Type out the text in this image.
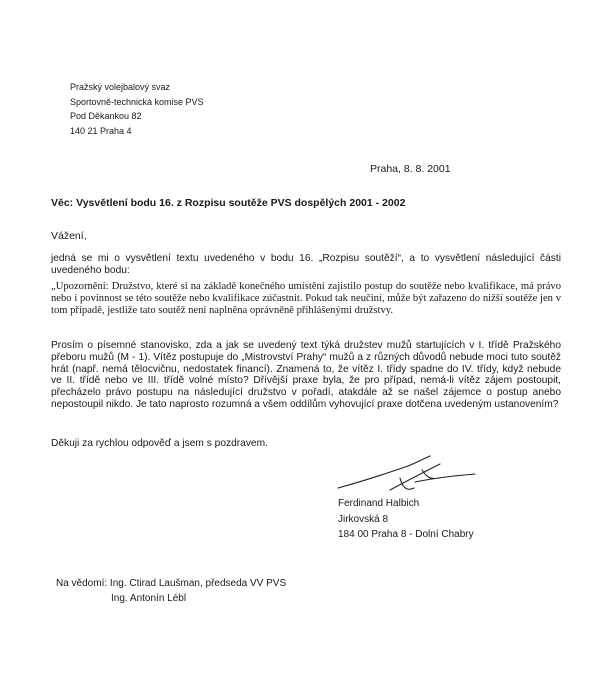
Pražský volejbalový svaz
Sportovně-technická komise PVS
Pod Děkankou 82
140 21 Praha 4
Praha, 8. 8. 2001
Věc: Vysvětlení bodu 16. z Rozpisu soutěže PVS dospělých 2001 - 2002
Vážení,
jedná se mi o vysvětlení textu uvedeného v bodu 16. „Rozpisu soutěží“, a to vysvětlení následující části uvedeného bodu:
„Upozornění: Družstvo, které si na základě konečného umístění zajistilo postup do soutěže nebo kvalifikace, má právo nebo i povinnost se této soutěže nebo kvalifikace zúčastnit. Pokud tak neučiní, může být zařazeno do nižší soutěže jen v tom případě, jestliže tato soutěž není naplněna oprávněně přihlášenými družstvy.
Prosím o písemné stanovisko, zda a jak se uvedený text týká družstev mužů startujících v I. třídě Pražského přeboru mužů (M - 1). Vítěz postupuje do „Mistrovství Prahy“ mužů a z různých důvodů nebude moci tuto soutěž hrát (např. nemá tělocvičnu, nedostatek financí). Znamená to, že vítěz I. třídy spadne do IV. třídy, když nebude ve II. třídě nebo ve III. třídě volné místo? Dřívější praxe byla, že pro případ, nemá-li vítěz zájem postoupit, přecházelo právo postupu na následující družstvo v pořadí, atakdále až se našel zájemce o postup anebo nepostoupil nikdo. Je tato naprosto rozumná a všem oddílům vyhovující praxe dotčena uvedeným ustanovením?
Děkuji za rychlou odpověď a jsem s pozdravem.
Ferdinand Halbich
Jirkovská 8
184 00 Praha 8 - Dolní Chabry
Na vědomí: Ing. Ctirad Laušman, předseda VV PVS
Ing. Antonín Lébl
